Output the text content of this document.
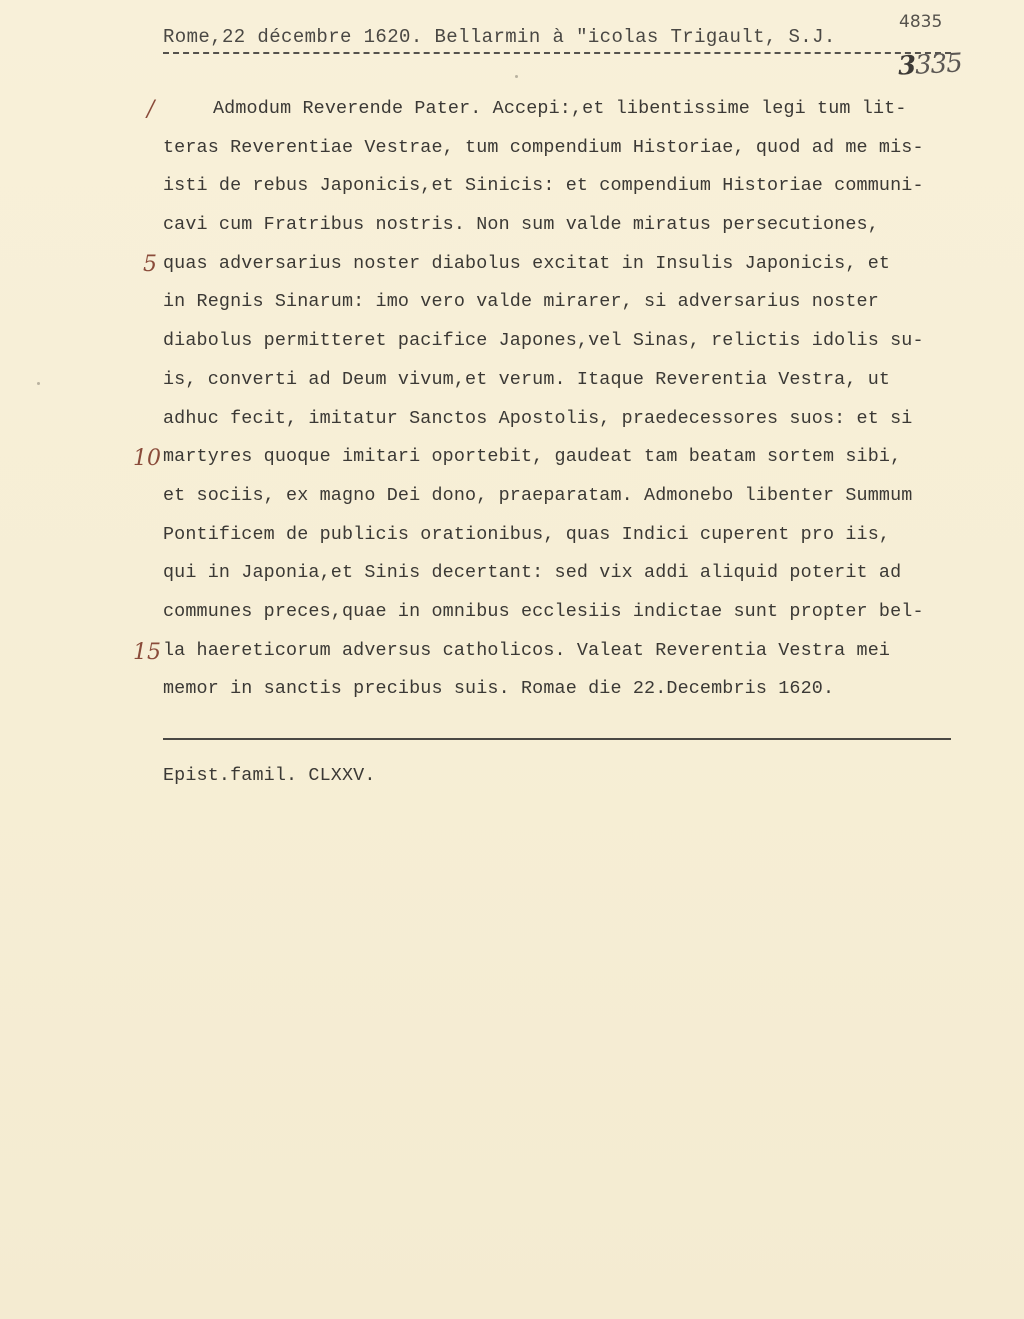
Rome,22 décembre 1620. Bellarmin à "icolas Trigault, S.J.
4835
3335
/
5
10
15
Admodum Reverende Pater. Accepi:,et libentissime legi tum lit-
teras Reverentiae Vestrae, tum compendium Historiae, quod ad me mis-
isti de rebus Japonicis,et Sinicis: et compendium Historiae communi-
cavi cum Fratribus nostris. Non sum valde miratus persecutiones,
quas adversarius noster diabolus excitat in Insulis Japonicis, et
in Regnis Sinarum: imo vero valde mirarer, si adversarius noster
diabolus permitteret pacifice Japones,vel Sinas, relictis idolis su-
is, converti ad Deum vivum,et verum. Itaque Reverentia Vestra, ut
adhuc fecit, imitatur Sanctos Apostolis, praedecessores suos: et si
martyres quoque imitari oportebit, gaudeat tam beatam sortem sibi,
et sociis, ex magno Dei dono, praeparatam. Admonebo libenter Summum
Pontificem de publicis orationibus, quas Indici cuperent pro iis,
qui in Japonia,et Sinis decertant: sed vix addi aliquid poterit ad
communes preces,quae in omnibus ecclesiis indictae sunt propter bel-
la haereticorum adversus catholicos. Valeat Reverentia Vestra mei
memor in sanctis precibus suis. Romae die 22.Decembris 1620.
Epist.famil. CLXXV.
